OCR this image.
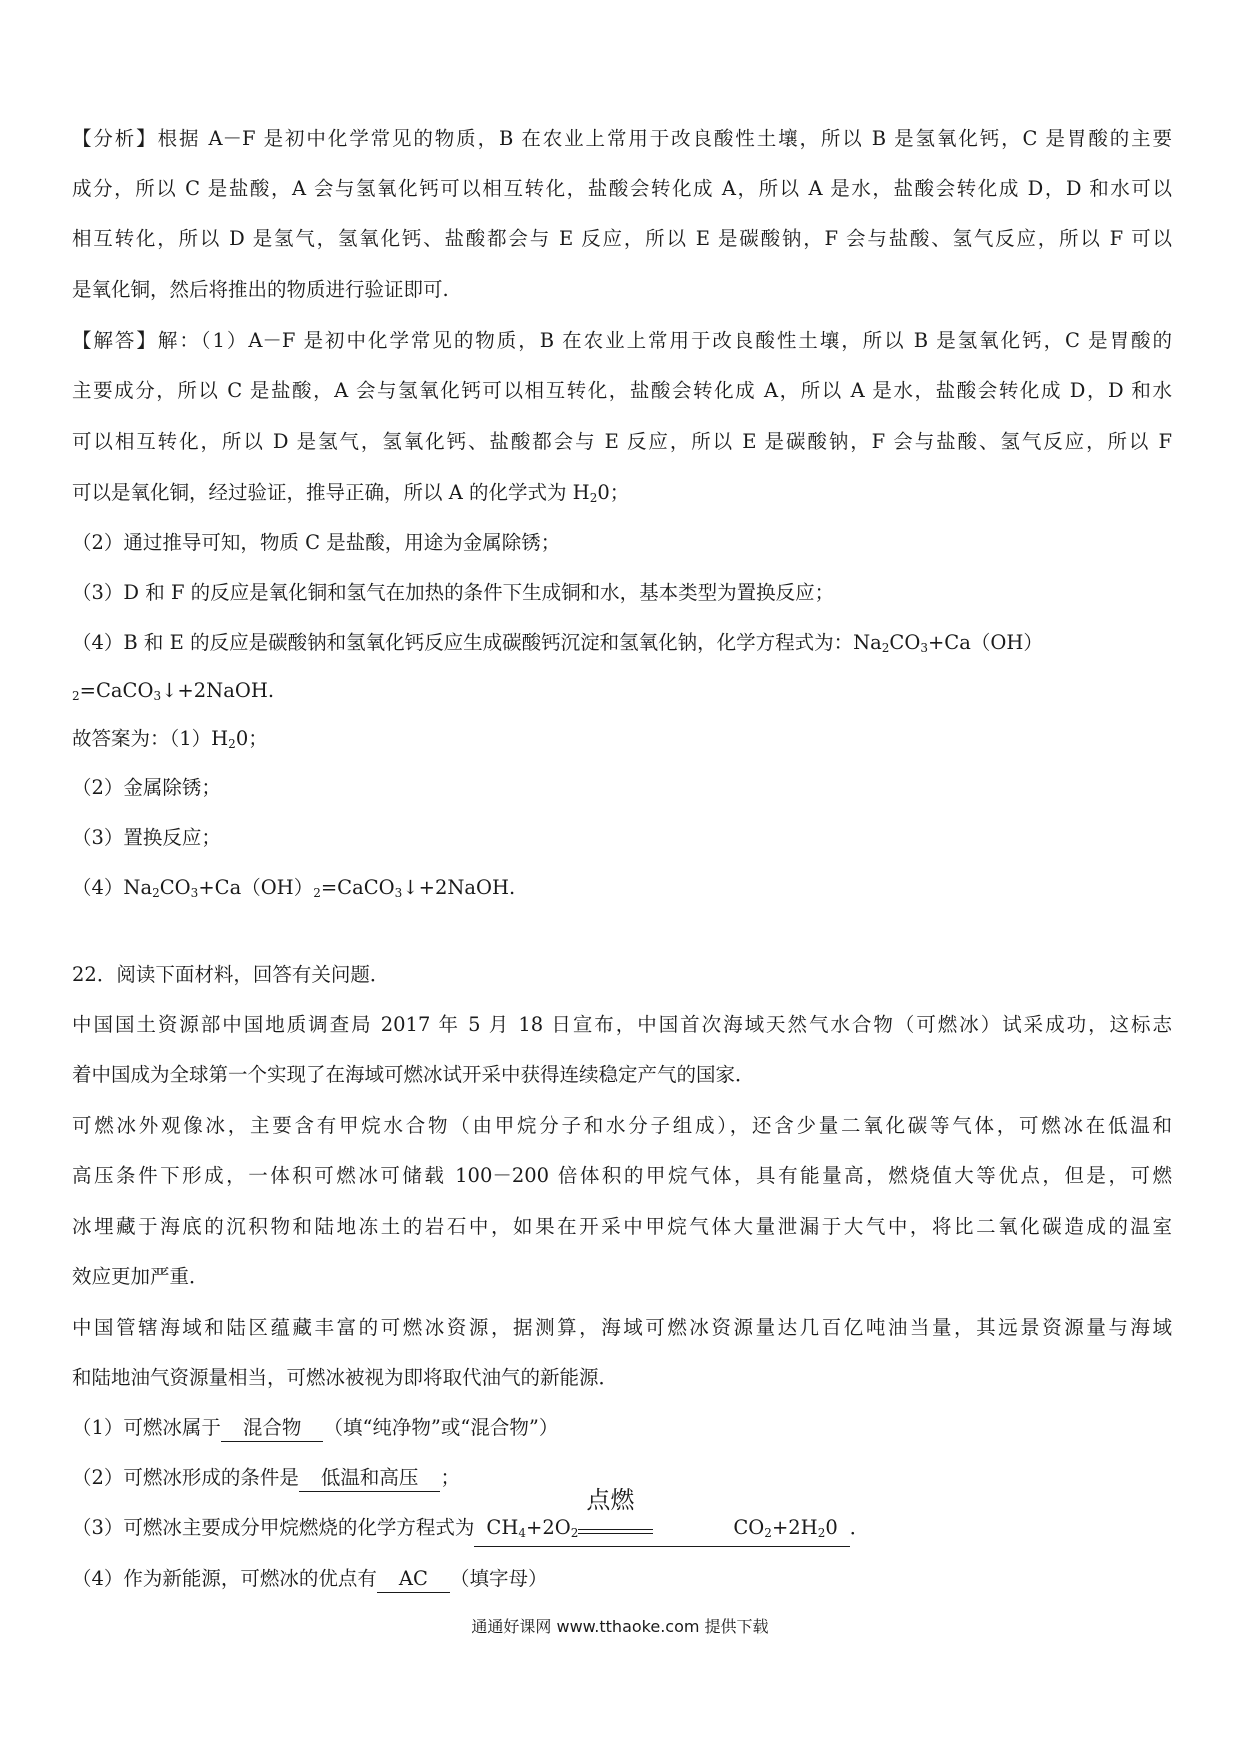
【分析】根据 A－F 是初中化学常见的物质，B 在农业上常用于改良酸性土壤，所以 B 是氢氧化钙，C 是胃酸的主要
成分，所以 C 是盐酸，A 会与氢氧化钙可以相互转化，盐酸会转化成 A，所以 A 是水，盐酸会转化成 D，D 和水可以
相互转化，所以 D 是氢气，氢氧化钙、盐酸都会与 E 反应，所以 E 是碳酸钠，F 会与盐酸、氢气反应，所以 F 可以
是氧化铜，然后将推出的物质进行验证即可.
【解答】解：（1）A－F 是初中化学常见的物质，B 在农业上常用于改良酸性土壤，所以 B 是氢氧化钙，C 是胃酸的
主要成分，所以 C 是盐酸，A 会与氢氧化钙可以相互转化，盐酸会转化成 A，所以 A 是水，盐酸会转化成 D，D 和水
可以相互转化，所以 D 是氢气，氢氧化钙、盐酸都会与 E 反应，所以 E 是碳酸钠，F 会与盐酸、氢气反应，所以 F
可以是氧化铜，经过验证，推导正确，所以 A 的化学式为 $H_20$；
（2）通过推导可知，物质 C 是盐酸，用途为金属除锈；
（3）D 和 F 的反应是氧化铜和氢气在加热的条件下生成铜和水，基本类型为置换反应；
（4）B 和 E 的反应是碳酸钠和氢氧化钙反应生成碳酸钙沉淀和氢氧化钠，化学方程式为：$Na_2CO_3+Ca(OH)$
$_2$=CaCO$_3$↓+2NaOH.
故答案为：$(1)H_20$；
（2）金属除锈；
（3）置换反应；
$(4)Na_2CO_3+Ca(OH)_2=CaCO_3↓+2NaOH$.
22．阅读下面材料，回答有关问题．
中国国土资源部中国地质调查局 2017 年 5 月 18 日宣布，中国首次海域天然气水合物（可燃冰）试采成功，这标志
着中国成为全球第一个实现了在海域可燃冰试开采中获得连续稳定产气的国家．
可燃冰外观像冰，主要含有甲烷水合物（由甲烷分子和水分子组成），还含少量二氧化碳等气体，可燃冰在低温和
高压条件下形成，一体积可燃冰可储载 100－200 倍体积的甲烷气体，具有能量高，燃烧值大等优点，但是，可燃
冰埋藏于海底的沉积物和陆地冻土的岩石中，如果在开采中甲烷气体大量泄漏于大气中，将比二氧化碳造成的温室
效应更加严重．
中国管辖海域和陆区蕴藏丰富的可燃冰资源，据测算，海域可燃冰资源量达几百亿吨油当量，其远景资源量与海域
和陆地油气资源量相当，可燃冰被视为即将取代油气的新能源．
（1）可燃冰属于 混合物 （填“纯净物”或“混合物”）
（2）可燃冰形成的条件是 低温和高压 ；
（3）可燃冰主要成分甲烷燃烧的化学方程式为 $CH_4+2O_2$
点燃
$CO_2+2H_20$ ．
（4）作为新能源，可燃冰的优点有 AC （填字母）
通通好课网 www.tthaoke.com 提供下载
